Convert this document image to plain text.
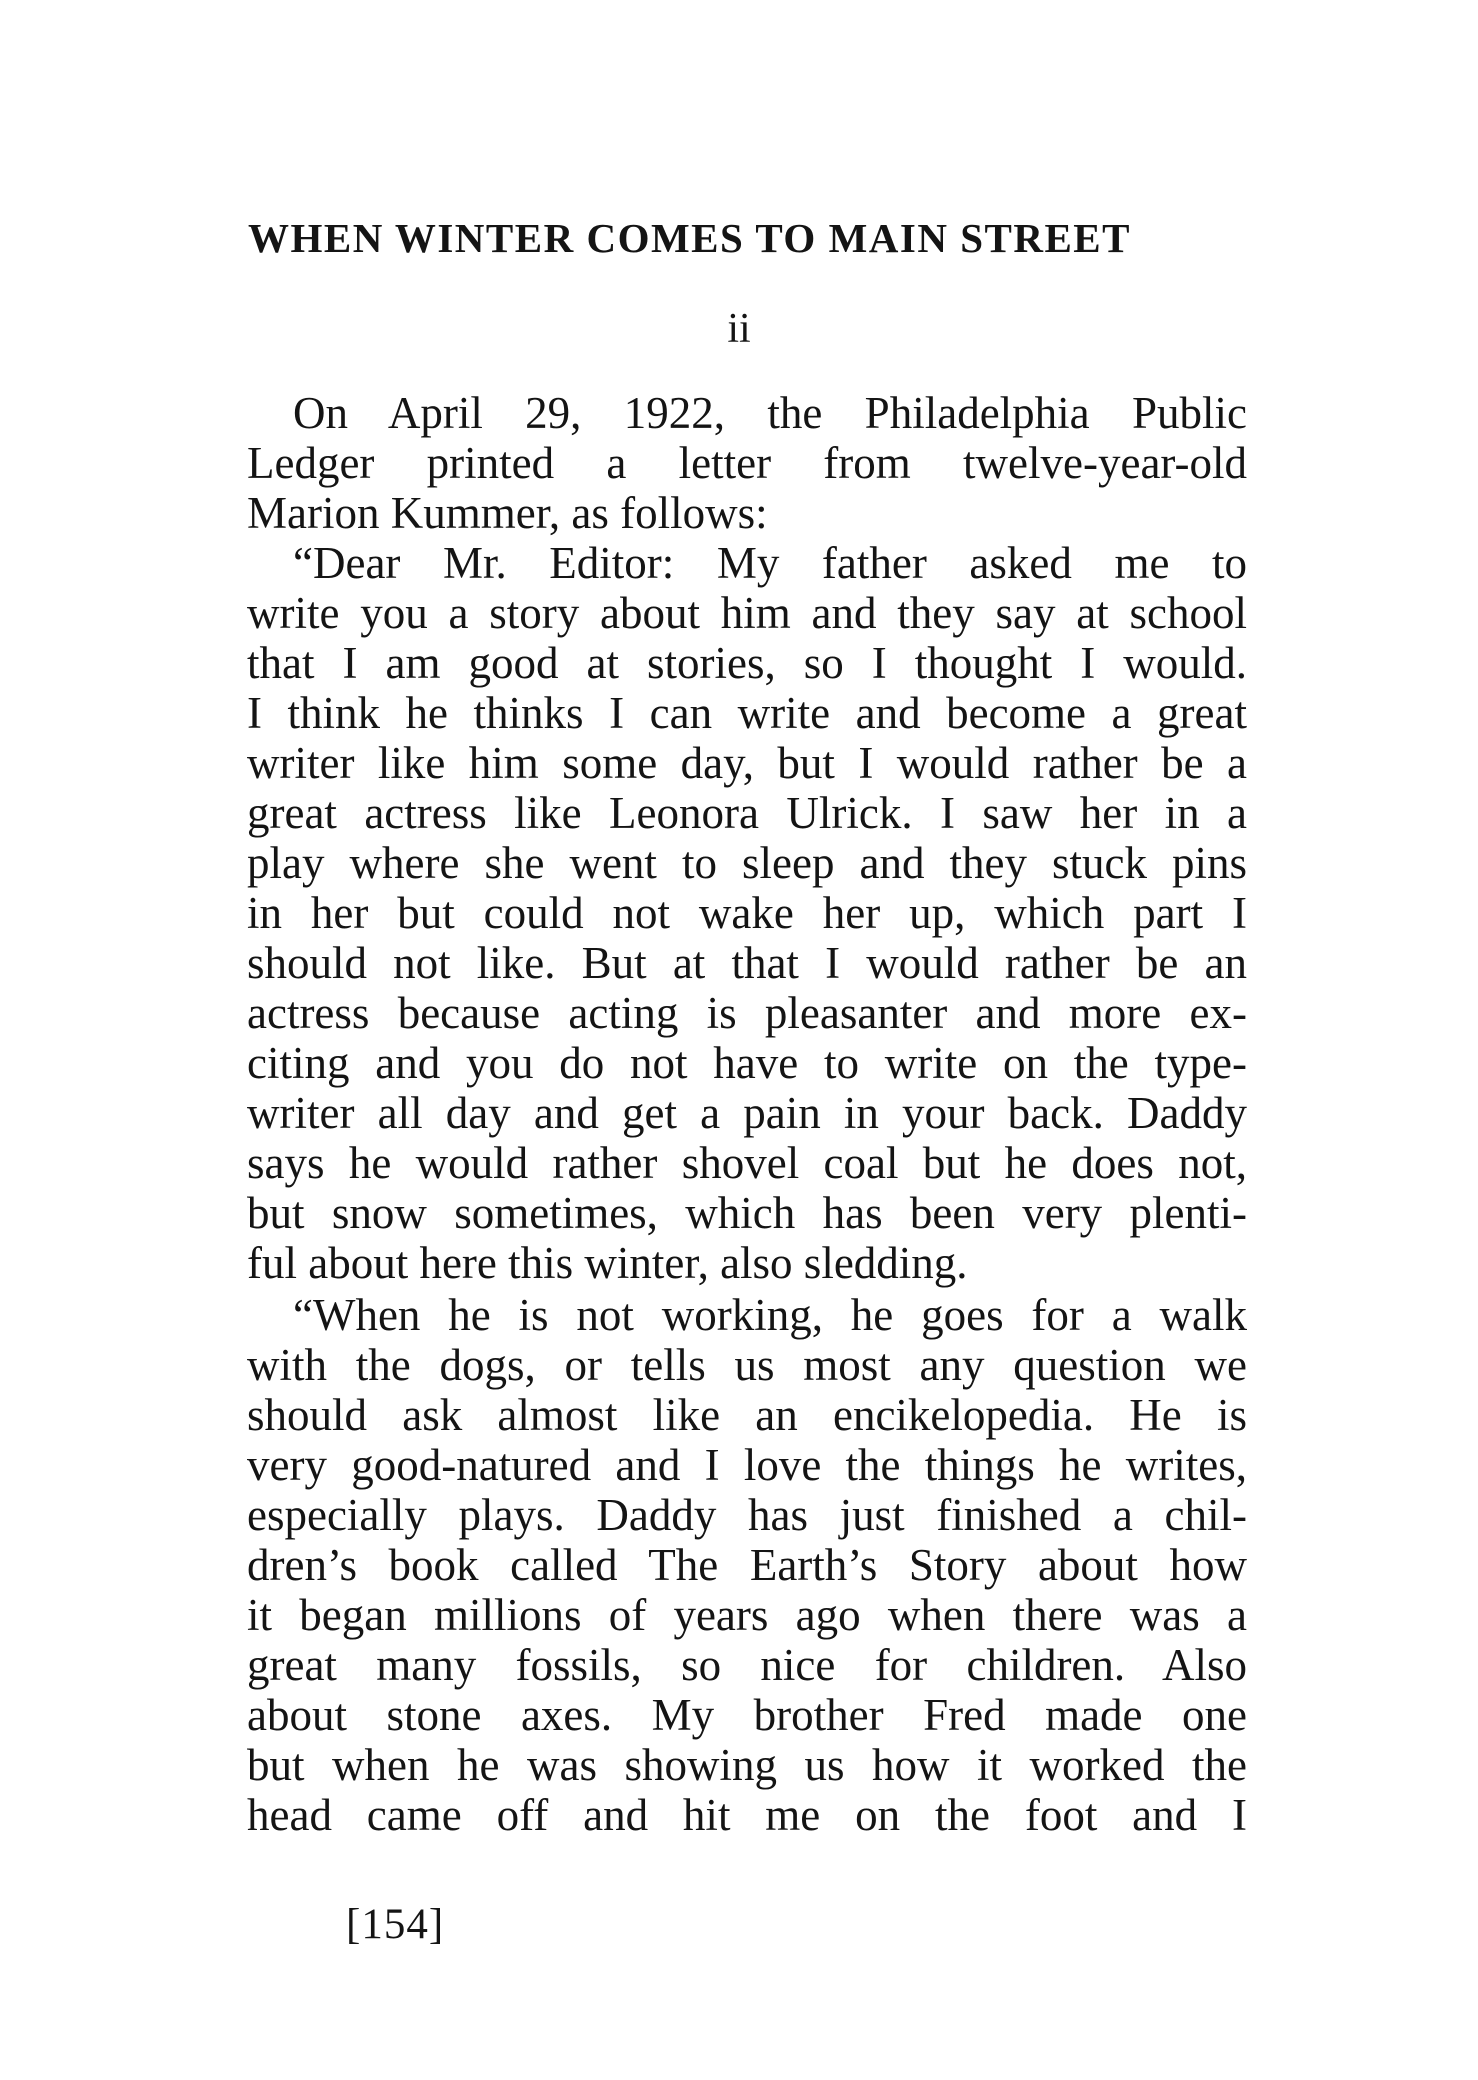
WHEN WINTER COMES TO MAIN STREET
ii
On April 29, 1922, the Philadelphia Public
Ledger printed a letter from twelve-year-old
Marion Kummer, as follows:
“Dear Mr. Editor: My father asked me to
write you a story about him and they say at school
that I am good at stories, so I thought I would.
I think he thinks I can write and become a great
writer like him some day, but I would rather be a
great actress like Leonora Ulrick. I saw her in a
play where she went to sleep and they stuck pins
in her but could not wake her up, which part I
should not like. But at that I would rather be an
actress because acting is pleasanter and more ex-
citing and you do not have to write on the type-
writer all day and get a pain in your back. Daddy
says he would rather shovel coal but he does not,
but snow sometimes, which has been very plenti-
ful about here this winter, also sledding.
“When he is not working, he goes for a walk
with the dogs, or tells us most any question we
should ask almost like an encikelopedia. He is
very good-natured and I love the things he writes,
especially plays. Daddy has just finished a chil-
dren’s book called The Earth’s Story about how
it began millions of years ago when there was a
great many fossils, so nice for children. Also
about stone axes. My brother Fred made one
but when he was showing us how it worked the
head came off and hit me on the foot and I
[154]
